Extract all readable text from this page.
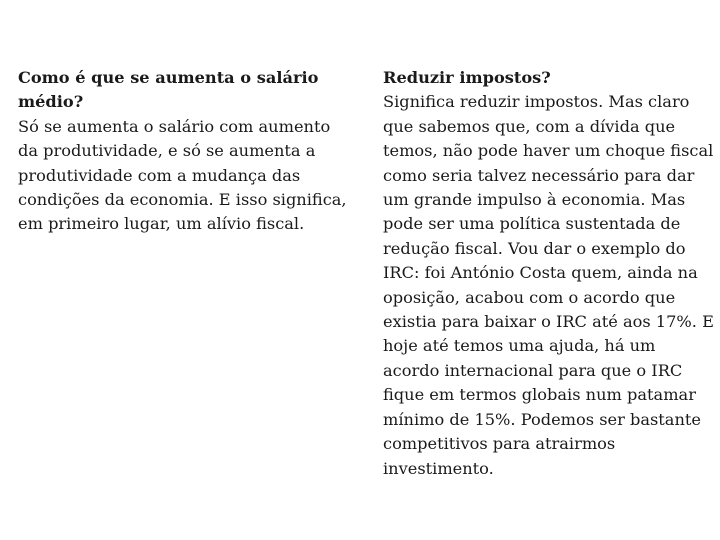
Como é que se aumenta o salário médio?
Só se aumenta o salário com aumento da produtividade, e só se aumenta a produtividade com a mudança das condições da economia. E isso significa, em primeiro lugar, um alívio fiscal.
Reduzir impostos?
Significa reduzir impostos. Mas claro que sabemos que, com a dívida que temos, não pode haver um choque fiscal como seria talvez necessário para dar um grande impulso à economia. Mas pode ser uma política sustentada de redução fiscal. Vou dar o exemplo do IRC: foi António Costa quem, ainda na oposição, acabou com o acordo que existia para baixar o IRC até aos 17%. E hoje até temos uma ajuda, há um acordo internacional para que o IRC fique em termos globais num patamar mínimo de 15%. Podemos ser bastante competitivos para atrairmos investimento.
